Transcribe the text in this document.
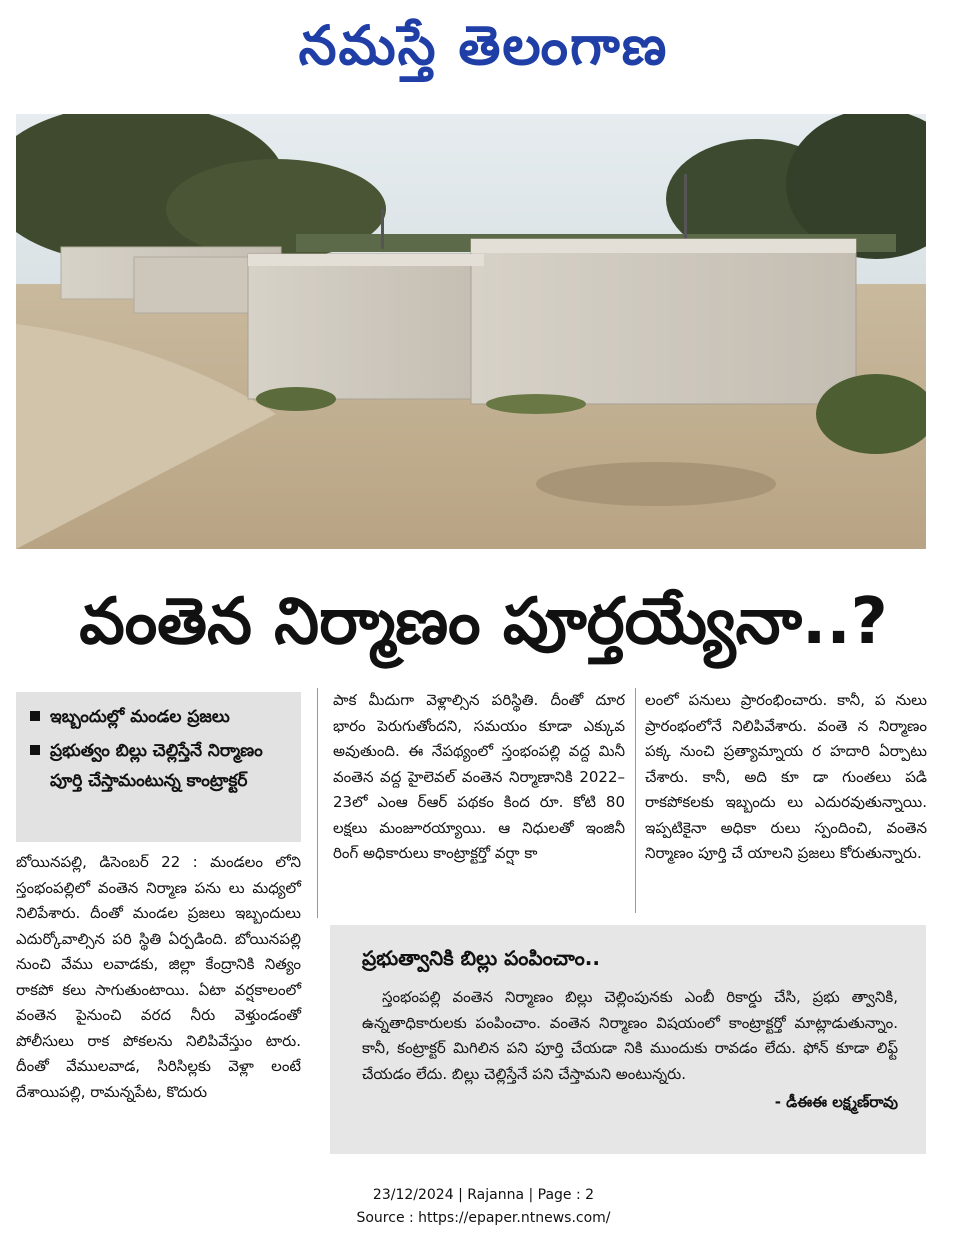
నమస్తే తెలంగాణ
వంతెన నిర్మాణం పూర్తయ్యేనా..?
ఇబ్బందుల్లో మండల ప్రజలు
ప్రభుత్వం బిల్లు చెల్లిస్తేనే నిర్మాణం పూర్తి చేస్తామంటున్న కాంట్రాక్టర్
బోయినపల్లి, డిసెంబర్ 22 : మండలం లోని స్తంభంపల్లిలో వంతెన నిర్మాణ పను లు మధ్యలో నిలిపేశారు. దీంతో మండల ప్రజలు ఇబ్బందులు ఎదుర్కోవాల్సిన పరి స్థితి ఏర్పడింది. బోయినపల్లి నుంచి వేము లవాడకు, జిల్లా కేంద్రానికి నిత్యం రాకపో కలు సాగుతుంటాయి. ఏటా వర్షకాలంలో వంతెన పైనుంచి వరద నీరు వెళ్తుండంతో పోలీసులు రాక పోకలను నిలిపివేస్తుం టారు. దీంతో వేములవాడ, సిరిసిల్లకు వెళ్లా లంటే దేశాయిపల్లి, రామన్నపేట, కొదురు
పాక మీదుగా వెళ్లాల్సిన పరిస్థితి. దీంతో దూర భారం పెరుగుతోందని, సమయం కూడా ఎక్కువ అవుతుంది. ఈ నేపథ్యంలో స్తంభంపల్లి వద్ద మినీ వంతెన వద్ద హైలెవల్ వంతెన నిర్మాణానికి 2022–23లో ఎంఆ ర్ఆర్ పథకం కింద రూ. కోటి 80 లక్షలు మంజూరయ్యాయి. ఆ నిధులతో ఇంజినీ రింగ్ అధికారులు కాంట్రాక్టర్తో వర్షా కా
లంలో పనులు ప్రారంభించారు. కానీ, ప నులు ప్రారంభంలోనే నిలిపివేశారు. వంతె న నిర్మాణం పక్క నుంచి ప్రత్యామ్నాయ ర హదారి ఏర్పాటు చేశారు. కానీ, అది కూ డా గుంతలు పడి రాకపోకలకు ఇబ్బందు లు ఎదురవుతున్నాయి. ఇప్పటికైనా అధికా రులు స్పందించి, వంతెన నిర్మాణం పూర్తి చే యాలని ప్రజలు కోరుతున్నారు.
ప్రభుత్వానికి బిల్లు పంపించాం..
స్తంభంపల్లి వంతెన నిర్మాణం బిల్లు చెల్లింపునకు ఎంబీ రికార్డు చేసి, ప్రభు త్వానికి, ఉన్నతాధికారులకు పంపించాం. వంతెన నిర్మాణం విషయంలో కాంట్రాక్టర్తో మాట్లాడుతున్నాం. కానీ, కంట్రాక్టర్ మిగిలిన పని పూర్తి చేయడా నికి ముందుకు రావడం లేదు. ఫోన్ కూడా లిఫ్ట్ చేయడం లేదు. బిల్లు చెల్లిస్తేనే పని చేస్తామని అంటున్నరు.
- డీఈఈ లక్ష్మణ్‌రావు
23/12/2024 | Rajanna | Page : 2
Source : https://epaper.ntnews.com/
